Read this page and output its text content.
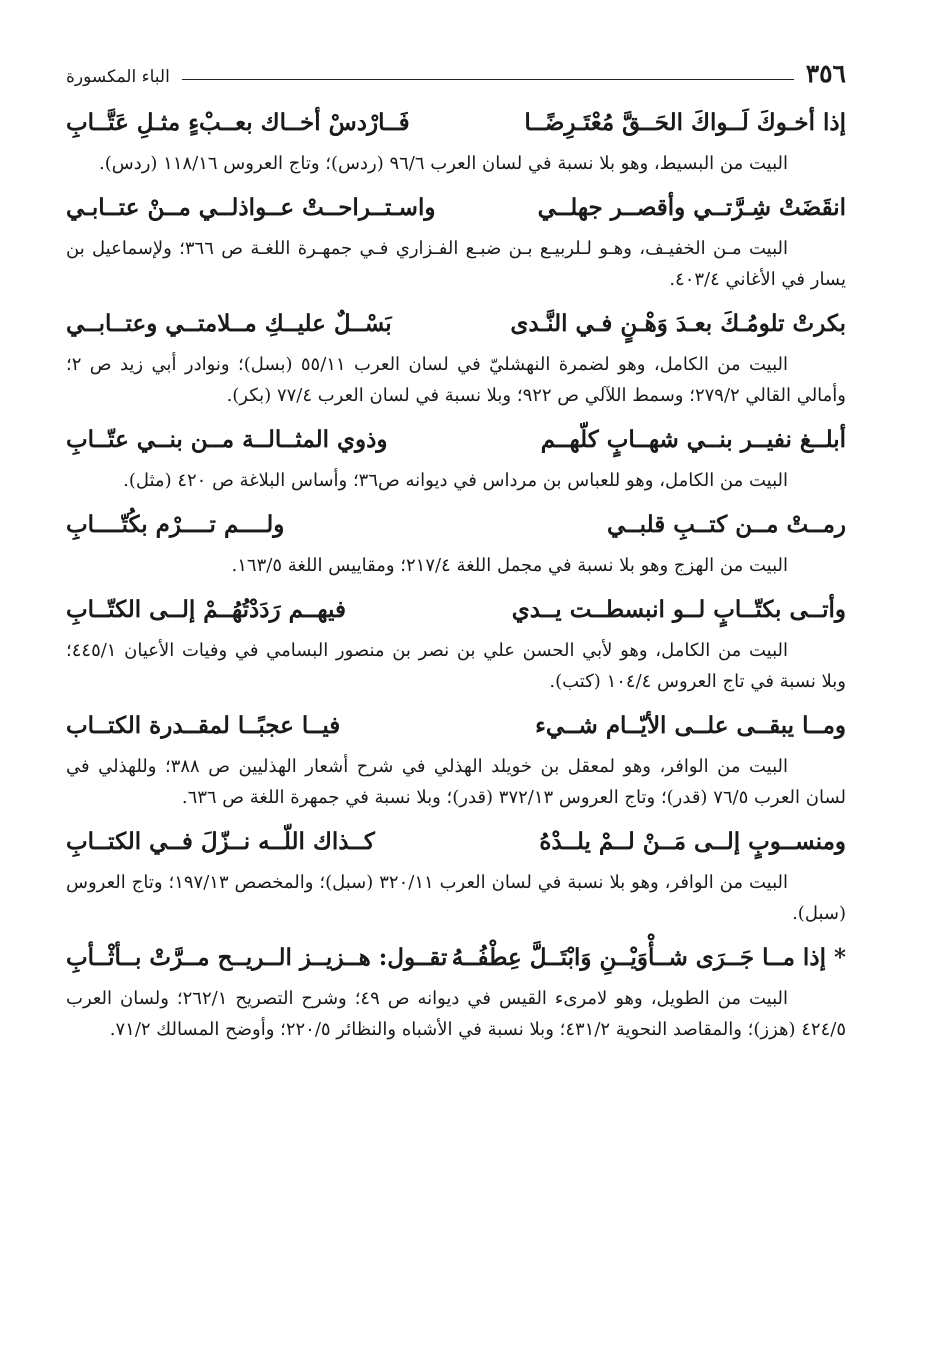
٣٥٦
الباء المكسورة
إذا أخـوكَ لَــواكَ الحَــقَّ مُعْتَـرِضًــا
فَــارْدسْ أخــاك بعــبْءٍ مثـلِ عَتَّــابِ

البيت من البسيط، وهو بلا نسبة في لسان العرب ٩٦/٦ (ردس)؛ وتاج العروس ١١٨/١٦ (ردس).

انقَضَتْ شِـرَّتــي وأقصــر جهلــي
واسـتــراحــتْ عــواذلــي مــنْ عتــابـي

البيت مـن الخفيـف، وهـو لـلربيـع بـن ضبـع الفـزاري فـي جمهـرة اللغـة ص ٣٦٦؛ ولإسماعيل بن يسار في الأغاني ٤٠٣/٤.

بكرتْ تلومُـكَ بعـدَ وَهْـنٍ فـي النَّـدى
بَسْــلٌ عليــكِ مــلامتــي وعتــابــي

البيت من الكامل، وهو لضمرة النهشليّ في لسان العرب ٥٥/١١ (بسل)؛ ونوادر أبي زيد ص ٢؛ وأمالي القالي ٢٧٩/٢؛ وسمط اللآلي ص ٩٢٢؛ وبلا نسبة في لسان العرب ٧٧/٤ (بكر).

أبلــغ نفيــر بنــي شهــابٍ كلّهــم
وذوي المثــالــة مــن بنــي عتّــابِ

البيت من الكامل، وهو للعباس بن مرداس في ديوانه ص٣٦؛ وأساس البلاغة ص ٤٢٠ (مثل).

رمــتْ مــن كتــبِ قلبــي
ولــــم تــــرْم بكُتّــــابِ

البيت من الهزج وهو بلا نسبة في مجمل اللغة ٢١٧/٤؛ ومقاييس اللغة ١٦٣/٥.

وأتــى بكتّــابٍ لــو انبسطــت يــدي
فيهــم رَدَدْتُهُــمْ إلــى الكتّــابِ

البيت من الكامل، وهو لأبي الحسن علي بن نصر بن منصور البسامي في وفيات الأعيان ٤٤٥/١؛ وبلا نسبة في تاج العروس ١٠٤/٤ (كتب).

ومــا يبقــى علــى الأيّــام شــيء
فيــا عجبًــا لمقــدرة الكتــاب

البيت من الوافر، وهو لمعقل بن خويلد الهذلي في شرح أشعار الهذليين ص ٣٨٨؛ وللهذلي في لسان العرب ٧٦/٥ (قدر)؛ وتاج العروس ٣٧٢/١٣ (قدر)؛ وبلا نسبة في جمهرة اللغة ص ٦٣٦.

ومنســوبٍ إلــى مَــنْ لــمْ يلــدْهُ
كــذاك اللّــه نــزّلَ فــي الكتــابِ

البيت من الوافر، وهو بلا نسبة في لسان العرب ٣٢٠/١١ (سبل)؛ والمخصص ١٩٧/١٣؛ وتاج العروس (سبل).

* إذا مــا جَــرَى شــأْوَيْــنِ وَابْتَــلَّ عِطْفُــهُ
تقــول: هــزيــز الــريــح مــرَّتْ بــأثْــأبِ

البيت من الطويل، وهو لامرىء القيس في ديوانه ص ٤٩؛ وشرح التصريح ٢٦٢/١؛ ولسان العرب ٤٢٤/٥ (هزز)؛ والمقاصد النحوية ٤٣١/٢؛ وبلا نسبة في الأشباه والنظائر ٢٢٠/٥؛ وأوضح المسالك ٧١/٢.
